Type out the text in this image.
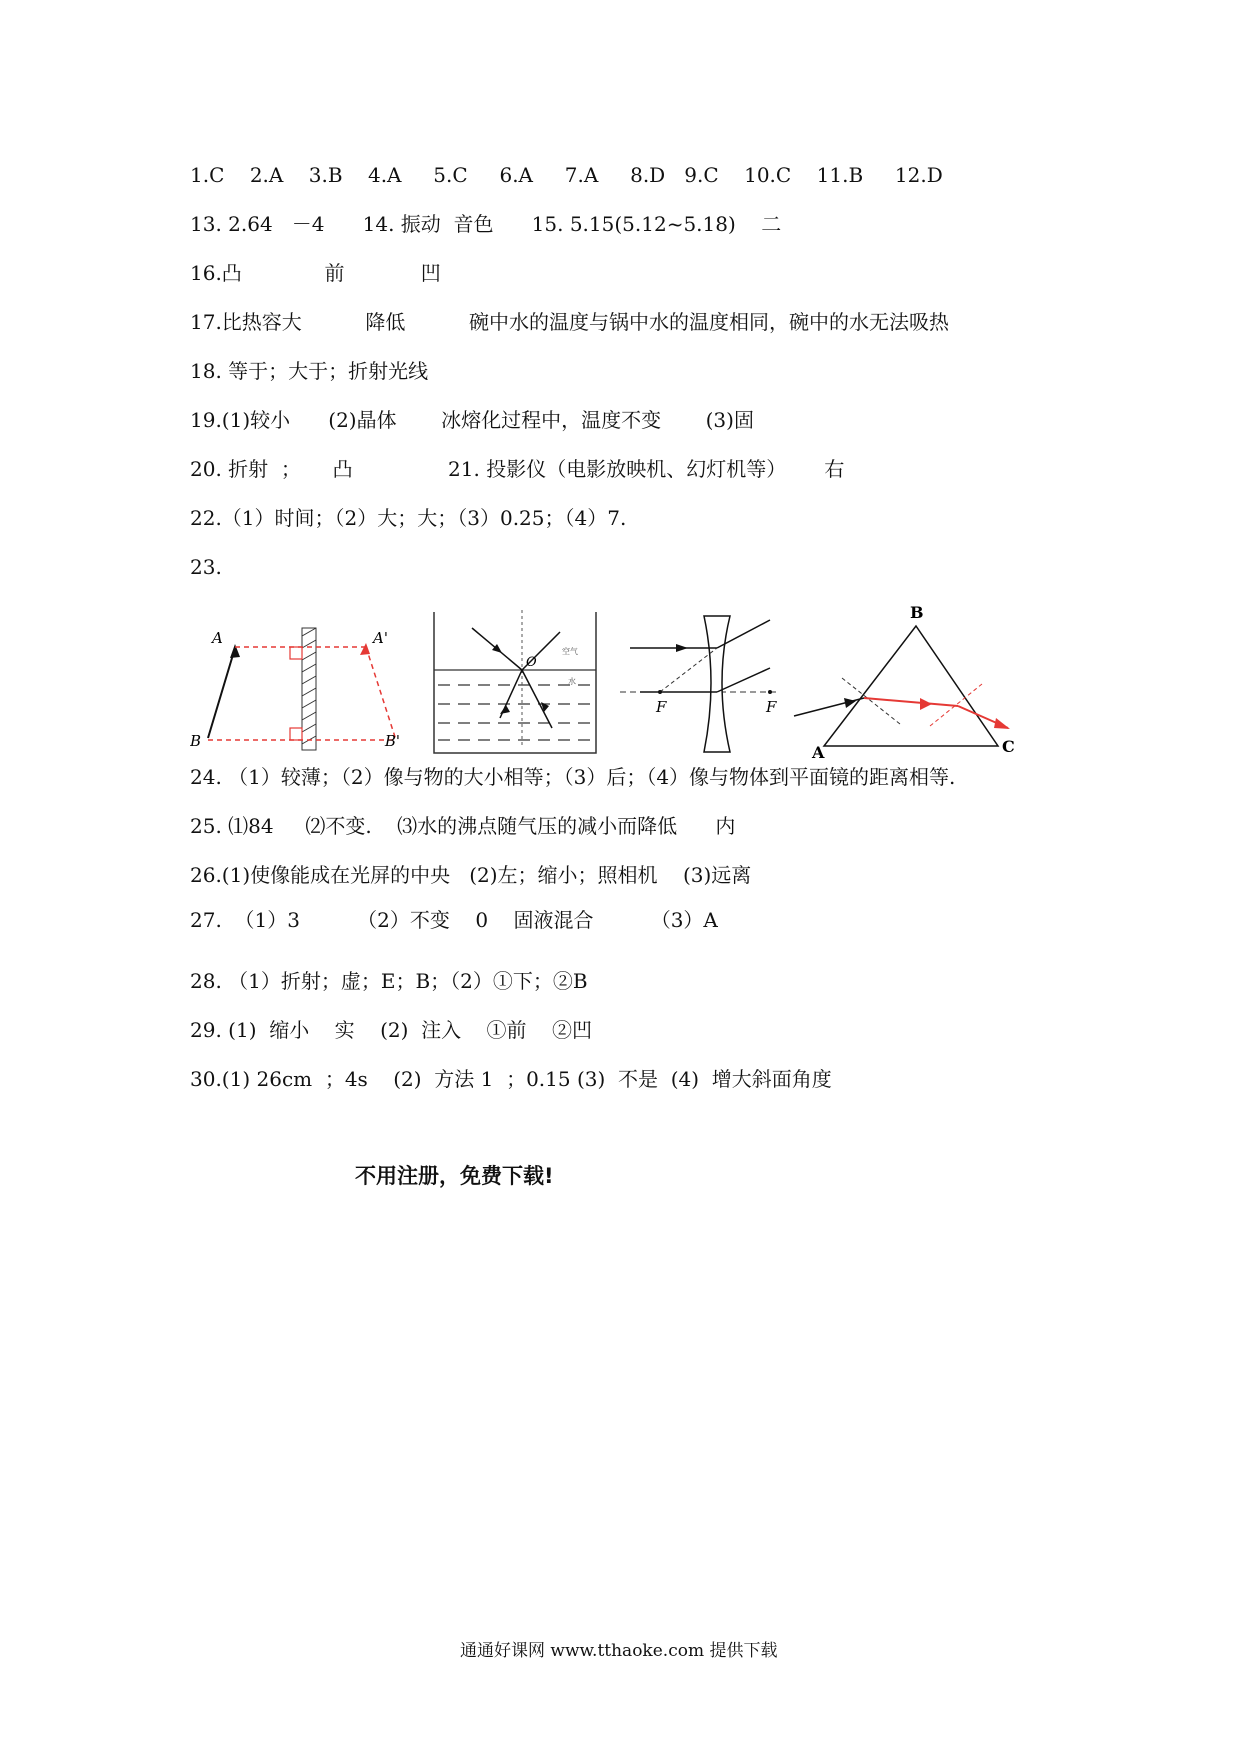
1.C    2.A    3.B    4.A     5.C     6.A     7.A     8.D   9.C    10.C    11.B     12.D
13. 2.64   －4      14. 振动  音色      15. 5.15(5.12~5.18)    二
16.凸             前            凹
17.比热容大          降低          碗中水的温度与锅中水的温度相同，碗中的水无法吸热
18. 等于；大于；折射光线
19.(1)较小      (2)晶体       冰熔化过程中，温度不变       (3)固
20. 折射  ；     凸               21. 投影仪（电影放映机、幻灯机等）      右
22.（1）时间；（2）大；大；（3）0.25；（4）7.
23.
A	A'
B	B'
O
空气
水
F	F
B
A	C
24. （1）较薄；（2）像与物的大小相等；（3）后；（4）像与物体到平面镜的距离相等.
25. ⑴84     ⑵不变.    ⑶水的沸点随气压的减小而降低      内
26.(1)使像能成在光屏的中央   (2)左；缩小；照相机    (3)远离
27.  （1）3         （2）不变    0    固液混合         （3）A
28. （1）折射；虚；E；B；（2）①下；②B
29. (1)  缩小    实    (2)  注入    ①前    ②凹
30.(1) 26cm  ；4s    (2)  方法 1  ；0.15 (3)  不是  (4)  增大斜面角度
不用注册，免费下载!
通通好课网 www.tthaoke.com 提供下载
